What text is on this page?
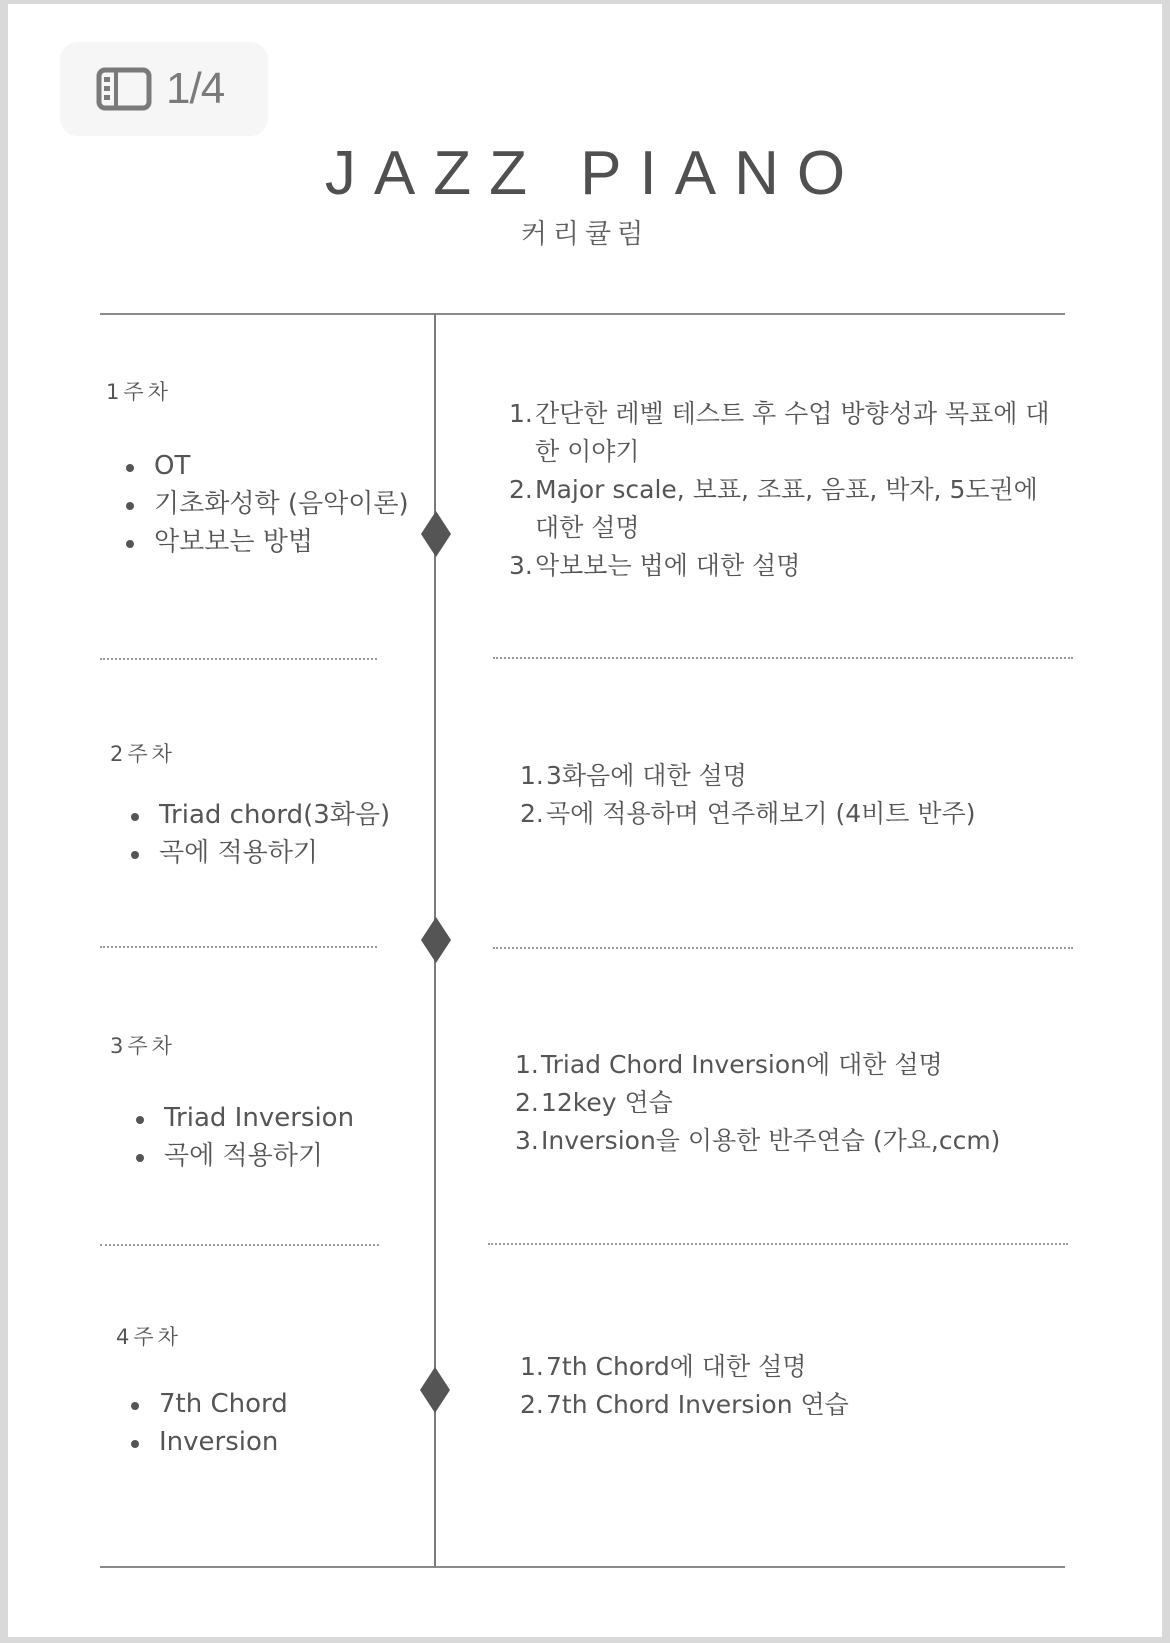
1/4
JAZZ PIANO
커리큘럼
1주차
OT
기초화성학 (음악이론)
악보보는 방법
1. 간단한 레벨 테스트 후 수업 방향성과 목표에 대한 이야기
2. Major scale, 보표, 조표, 음표, 박자, 5도권에 대한 설명
3. 악보보는 법에 대한 설명
2주차
Triad chord(3화음)
곡에 적용하기
1. 3화음에 대한 설명
2. 곡에 적용하며 연주해보기 (4비트 반주)
3주차
Triad Inversion
곡에 적용하기
1. Triad Chord Inversion에 대한 설명
2. 12key 연습
3. Inversion을 이용한 반주연습 (가요,ccm)
4주차
7th Chord
Inversion
1. 7th Chord에 대한 설명
2. 7th Chord Inversion 연습
